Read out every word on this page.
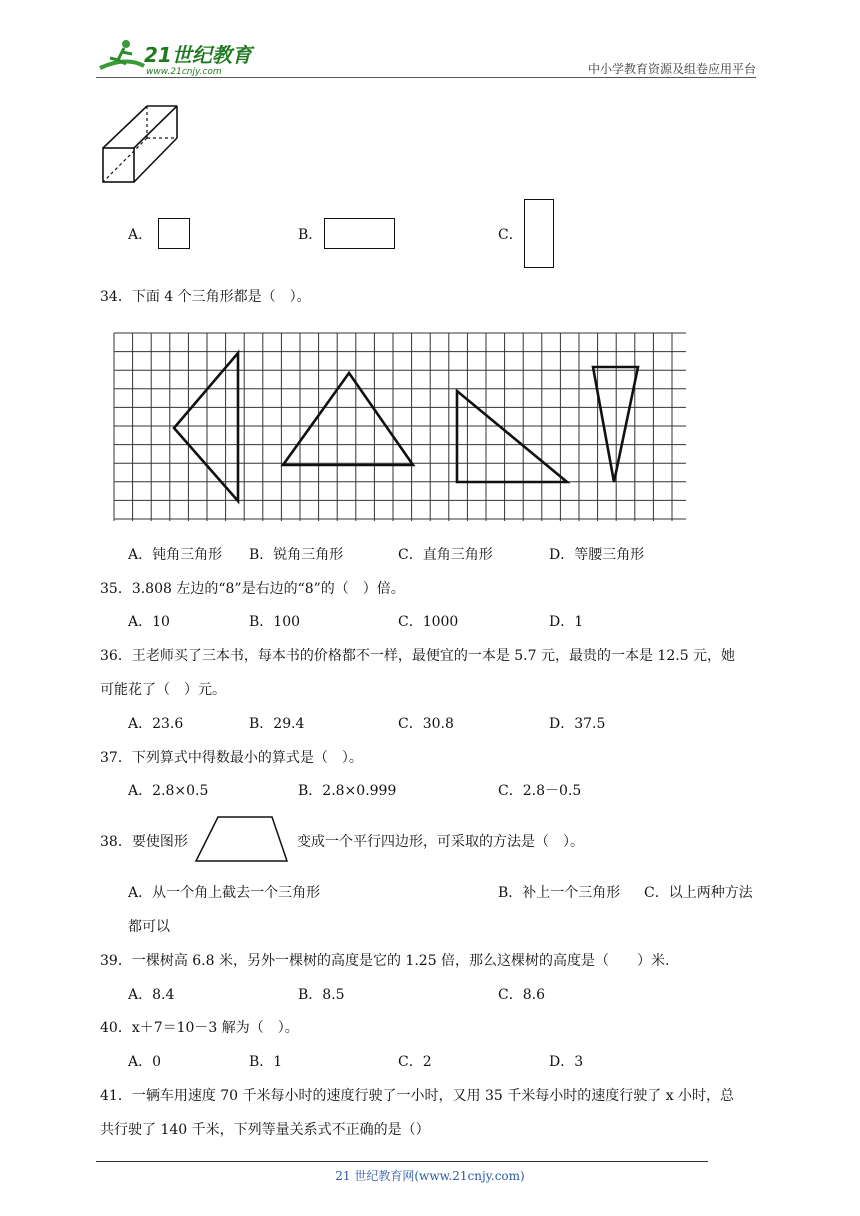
21世纪教育
www.21cnjy.com	中小学教育资源及组卷应用平台
A．	B．	C．
34．下面 4 个三角形都是（　）。
A．钝角三角形 B．锐角三角形	C．直角三角形	D．等腰三角形
35．3.808 左边的“8”是右边的“8”的（　）倍。
A．10	B．100	C．1000	D．1
36．王老师买了三本书，每本书的价格都不一样，最便宜的一本是 5.7 元，最贵的一本是 12.5 元，她
可能花了（　）元。
A．23.6	B．29.4	C．30.8	D．37.5
37．下列算式中得数最小的算式是（　）。
A．2.8×0.5	B．2.8×0.999	C．2.8－0.5
38．要使图形	变成一个平行四边形，可采取的方法是（　）。
A．从一个角上截去一个三角形	B．补上一个三角形 C．以上两种方法
都可以
39．一棵树高 6.8 米，另外一棵树的高度是它的 1.25 倍，那么这棵树的高度是（　　）米.
A．8.4	B．8.5	C．8.6
40．x＋7＝10－3 解为（　）。
A．0	B．1	C．2	D．3
41．一辆车用速度 70 千米每小时的速度行驶了一小时，又用 35 千米每小时的速度行驶了 x 小时，总
共行驶了 140 千米，下列等量关系式不正确的是（）
21 世纪教育网(www.21cnjy.com)
